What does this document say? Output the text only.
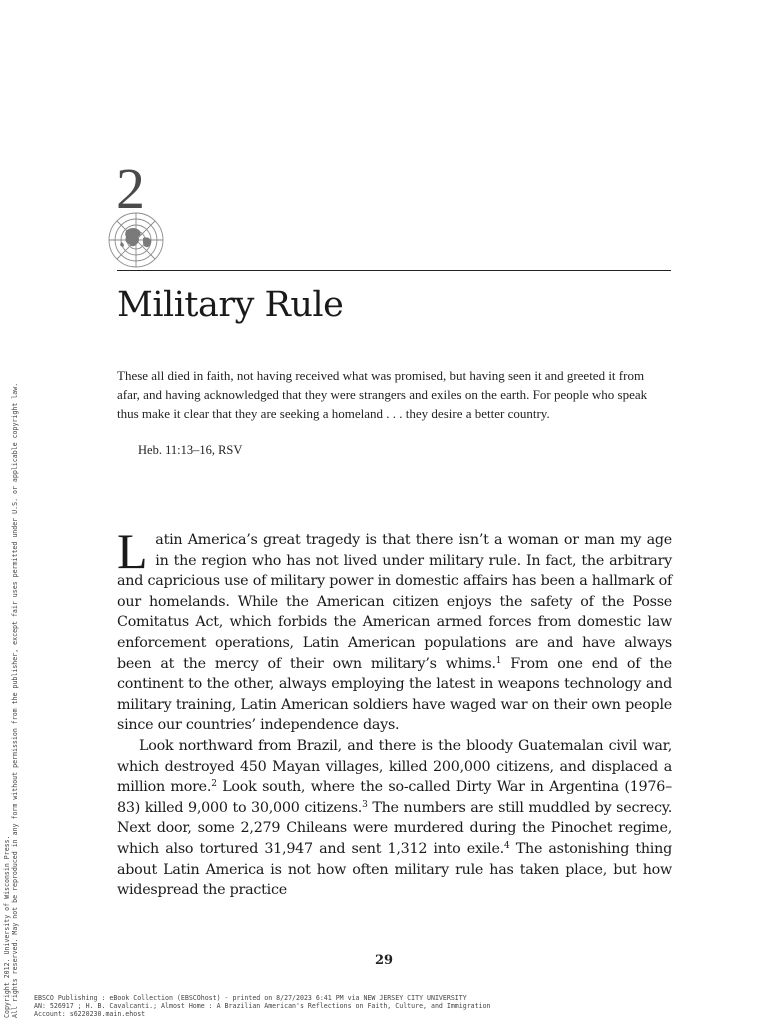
2
Military Rule
These all died in faith, not having received what was promised, but having seen it and greeted it from afar, and having acknowledged that they were strangers and exiles on the earth. For people who speak thus make it clear that they are seeking a homeland . . . they desire a better country.
Heb. 11:13–16, RSV

Latin America’s great tragedy is that there isn’t a woman or man my age in the region who has not lived under military rule. In fact, the arbitrary and capricious use of military power in domestic affairs has been a hallmark of our homelands. While the American citizen enjoys the safety of the Posse Comitatus Act, which forbids the American armed forces from domestic law enforcement operations, Latin American populations are and have always been at the mercy of their own military’s whims.$^1$ From one end of the continent to the other, always employing the latest in weapons technology and military training, Latin American soldiers have waged war on their own people since our countries’ independence days.

Look northward from Brazil, and there is the bloody Guatemalan civil war, which destroyed 450 Mayan villages, killed 200,000 citizens, and displaced a million more.$^2$ Look south, where the so-called Dirty War in Argentina (1976–83) killed 9,000 to 30,000 citizens.$^3$ The numbers are still muddled by secrecy. Next door, some 2,279 Chileans were murdered during the Pinochet regime, which also tortured 31,947 and sent 1,312 into exile.$^4$ The astonishing thing about Latin America is not how often military rule has taken place, but how widespread the practice

29
Copyright 2012. University of Wisconsin Press. All rights reserved. May not be reproduced in any form without permission from the publisher, except fair uses permitted under U.S. or applicable copyright law. EBSCO Publishing : eBook Collection (EBSCOhost) - printed on 8/27/2023 6:41 PM via NEW JERSEY CITY UNIVERSITY
AN: 526917 ; H. B. Cavalcanti.; Almost Home : A Brazilian American's Reflections on Faith, Culture, and Immigration
Account: s6220230.main.ehost
